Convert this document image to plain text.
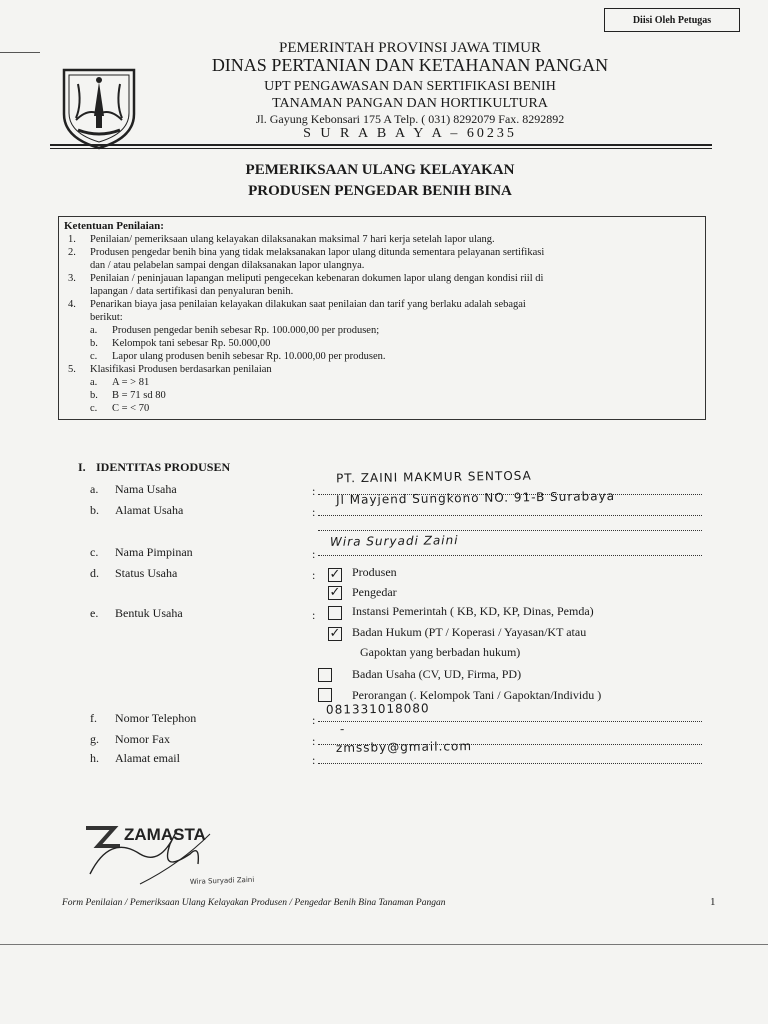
Diisi Oleh Petugas
PEMERINTAH PROVINSI JAWA TIMUR
DINAS PERTANIAN DAN KETAHANAN PANGAN
UPT PENGAWASAN DAN SERTIFIKASI BENIH
TANAMAN PANGAN DAN HORTIKULTURA
Jl. Gayung Kebonsari 175 A Telp. ( 031) 8292079 Fax. 8292892
S U R A B A Y A – 60235
PEMERIKSAAN ULANG KELAYAKAN
PRODUSEN PENGEDAR BENIH BINA
Ketentuan Penilaian:
1. Penilaian/ pemeriksaan ulang kelayakan dilaksanakan maksimal 7 hari kerja setelah lapor ulang.
2. Produsen pengedar benih bina yang tidak melaksanakan lapor ulang ditunda sementara pelayanan sertifikasi
dan / atau pelabelan sampai dengan dilaksanakan lapor ulangnya.
3. Penilaian / peninjauan lapangan meliputi pengecekan kebenaran dokumen lapor ulang dengan kondisi riil di
lapangan / data sertifikasi dan penyaluran benih.
4. Penarikan biaya jasa penilaian kelayakan dilakukan saat penilaian dan tarif yang berlaku adalah sebagai
berikut:
a. Produsen pengedar benih sebesar Rp. 100.000,00 per produsen;
b. Kelompok tani sebesar Rp. 50.000,00
c. Lapor ulang produsen benih sebesar Rp. 10.000,00 per produsen.
5. Klasifikasi Produsen berdasarkan penilaian
a. A = > 81
b. B = 71 sd 80
c. C = < 70
I. IDENTITAS PRODUSEN
a. Nama Usaha	:
PT. ZAINI MAKMUR SENTOSA
b. Alamat Usaha	:
Jl Mayjend Sungkono NO. 91-B Surabaya
c. Nama Pimpinan	:
Wira Suryadi Zaini
d. Status Usaha	: ✓ Produsen
✓ Pengedar
e. Bentuk Usaha	:	Instansi Pemerintah ( KB, KD, KP, Dinas, Pemda)
✓ Badan Hukum (PT / Koperasi / Yayasan/KT atau
Gapoktan yang berbadan hukum)
Badan Usaha (CV, UD, Firma, PD)
Perorangan (. Kelompok Tani / Gapoktan/Individu )
f. Nomor Telephon	:
081331018080
g. Nomor Fax	:
-
h. Alamat email	:
zmssby@gmail.com
ZAMASTA
Wira Suryadi Zaini
Form Penilaian / Pemeriksaan Ulang Kelayakan Produsen / Pengedar Benih Bina Tanaman Pangan	1
